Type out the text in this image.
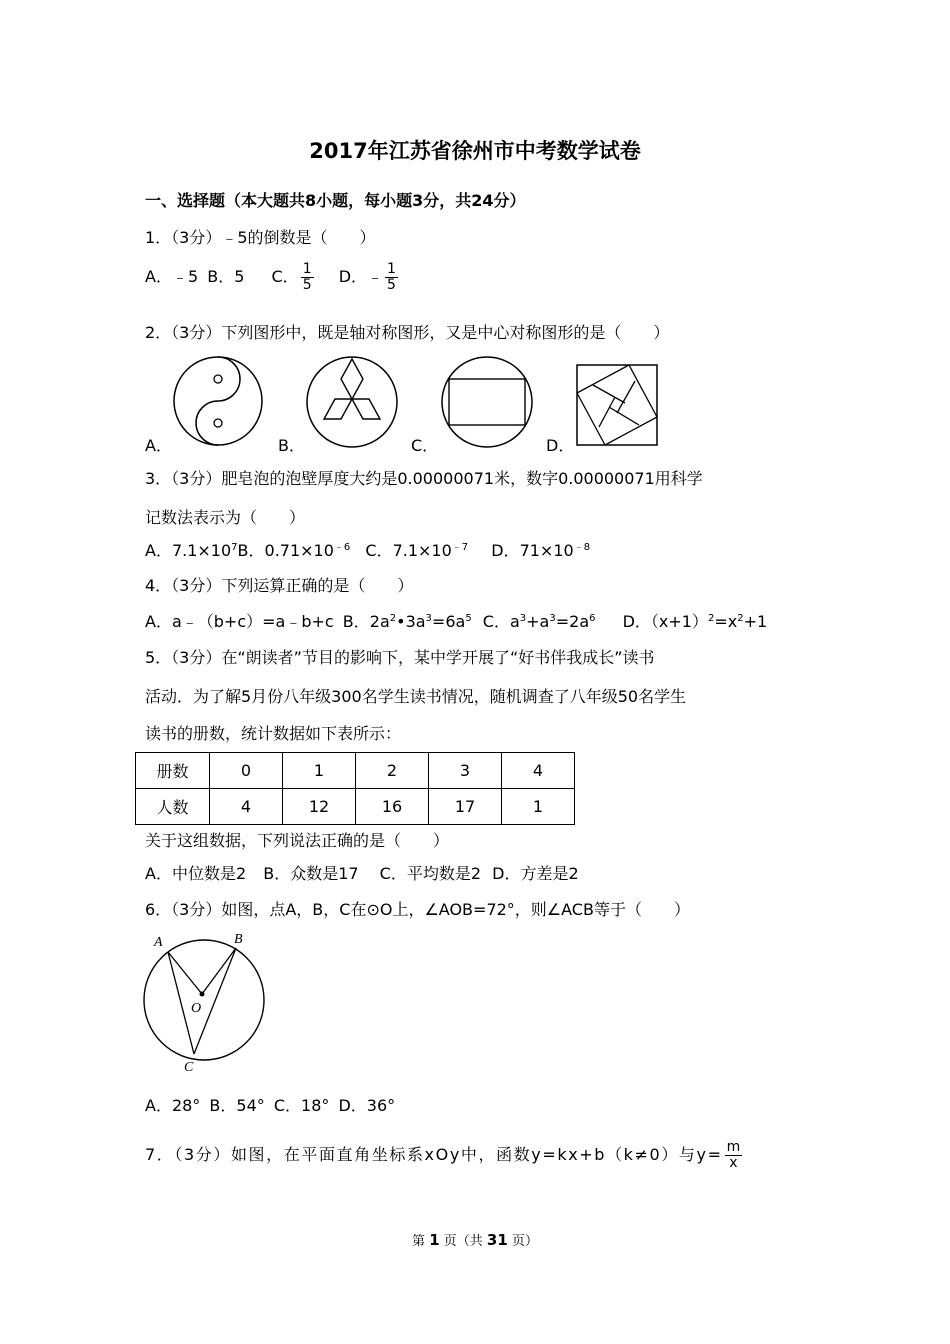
2017年江苏省徐州市中考数学试卷
一、选择题（本大题共8小题，每小题3分，共24分）
1．（3分）﹣5的倒数是（　　）
A．﹣5 B．5 C． $\frac{1}{5}$ D．﹣ $\frac{1}{5}$
2．（3分）下列图形中，既是轴对称图形，又是中心对称图形的是（　　）
A．	B．	C．	D．
3．（3分）肥皂泡的泡壁厚度大约是0.00000071米，数字0.00000071用科学
记数法表示为（　　）
A．$7.1\times 10^7B$．$0.71\times 10^{﹣6}$ C．$7.1\times 10^{﹣7}$ D．$71\times 10^{﹣8}$
4．（3分）下列运算正确的是（　　）
A．a﹣（b+c）=a﹣b+c B．$2a^2•3a^3=6a^5$ C．$a^3+a^3=2a^6$ D．$(x+1)^2=x^2+1$
5．（3分）在“朗读者”节目的影响下，某中学开展了“好书伴我成长”读书
活动．为了解5月份八年级300名学生读书情况，随机调查了八年级50名学生
读书的册数，统计数据如下表所示：
册数	0	1	2	3	4
人数	4	12	16	17	1
关于这组数据，下列说法正确的是（　　）
A．中位数是2 B．众数是17 C．平均数是2 D．方差是2
6．（3分）如图，点A，B，C在⊙O上，∠AOB=72°，则∠ACB等于（　　）
A	B
O
C
A．28° B．54° C．18° D．36°
7．（3分）如图，在平面直角坐标系xOy中，函数y=kx+b（k≠0）与$y= \frac{m}{x}$
第 1 页（共 31 页）
